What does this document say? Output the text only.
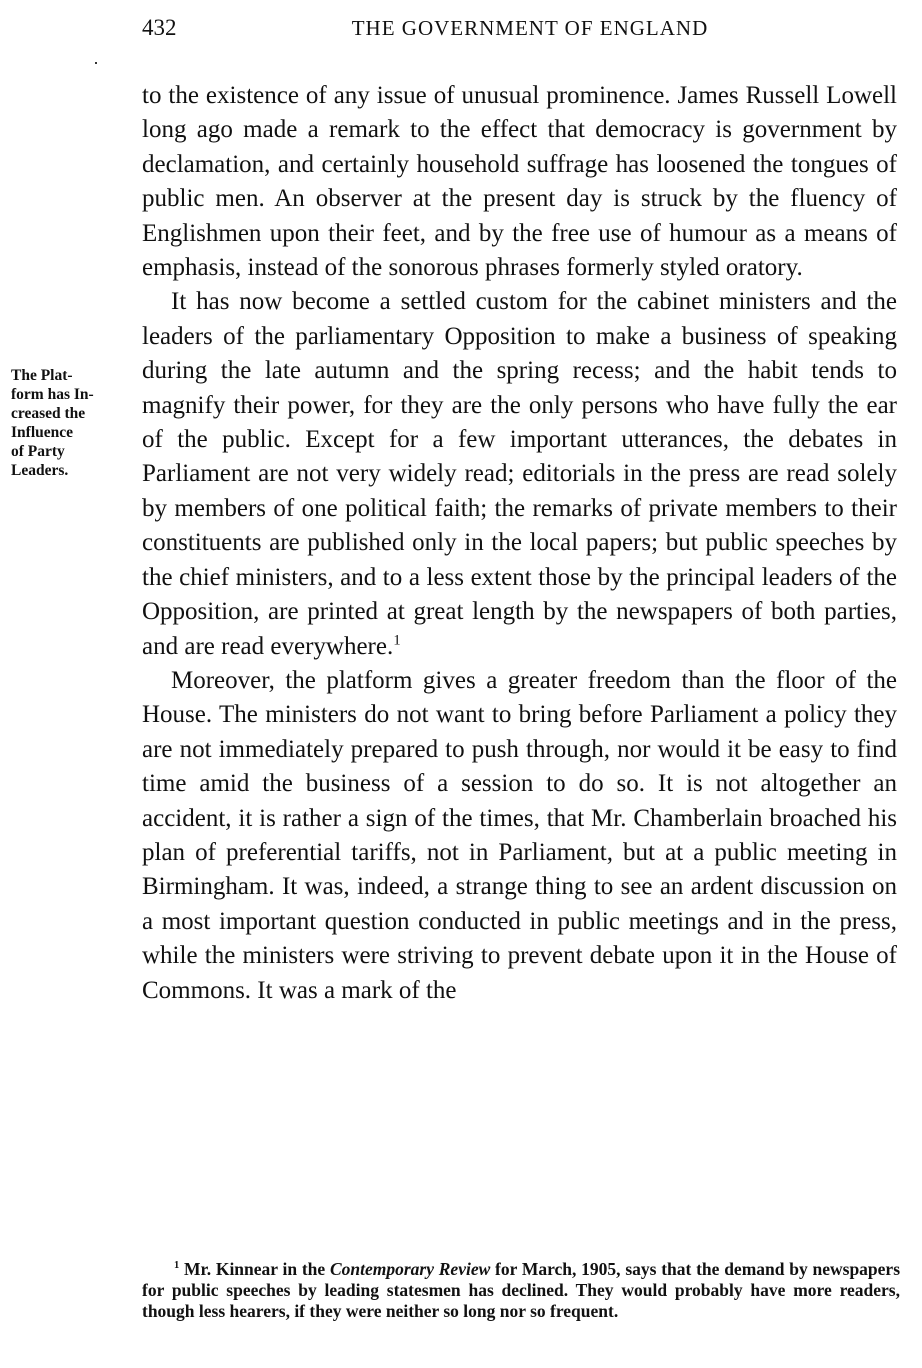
432	THE GOVERNMENT OF ENGLAND
The Plat-
form has In-
creased the
Influence
of Party
Leaders.

to the existence of any issue of unusual prominence. James Russell Lowell long ago made a remark to the effect that democracy is government by declamation, and certainly household suffrage has loosened the tongues of public men. An observer at the present day is struck by the fluency of Englishmen upon their feet, and by the free use of humour as a means of emphasis, instead of the sonorous phrases formerly styled oratory.

It has now become a settled custom for the cabinet ministers and the leaders of the parliamentary Opposition to make a business of speaking during the late autumn and the spring recess; and the habit tends to magnify their power, for they are the only persons who have fully the ear of the public. Except for a few important utterances, the debates in Parliament are not very widely read; editorials in the press are read solely by members of one political faith; the remarks of private members to their constituents are published only in the local papers; but public speeches by the chief ministers, and to a less extent those by the principal leaders of the Opposition, are printed at great length by the newspapers of both parties, and are read everywhere.$^1$

Moreover, the platform gives a greater freedom than the floor of the House. The ministers do not want to bring before Parliament a policy they are not immediately prepared to push through, nor would it be easy to find time amid the business of a session to do so. It is not altogether an accident, it is rather a sign of the times, that Mr. Chamberlain broached his plan of preferential tariffs, not in Parliament, but at a public meeting in Birmingham. It was, indeed, a strange thing to see an ardent discussion on a most important question conducted in public meetings and in the press, while the ministers were striving to prevent debate upon it in the House of Commons. It was a mark of the

$^1$ Mr. Kinnear in the Contemporary Review for March, 1905, says that the demand by newspapers for public speeches by leading statesmen has declined. They would probably have more readers, though less hearers, if they were neither so long nor so frequent.
